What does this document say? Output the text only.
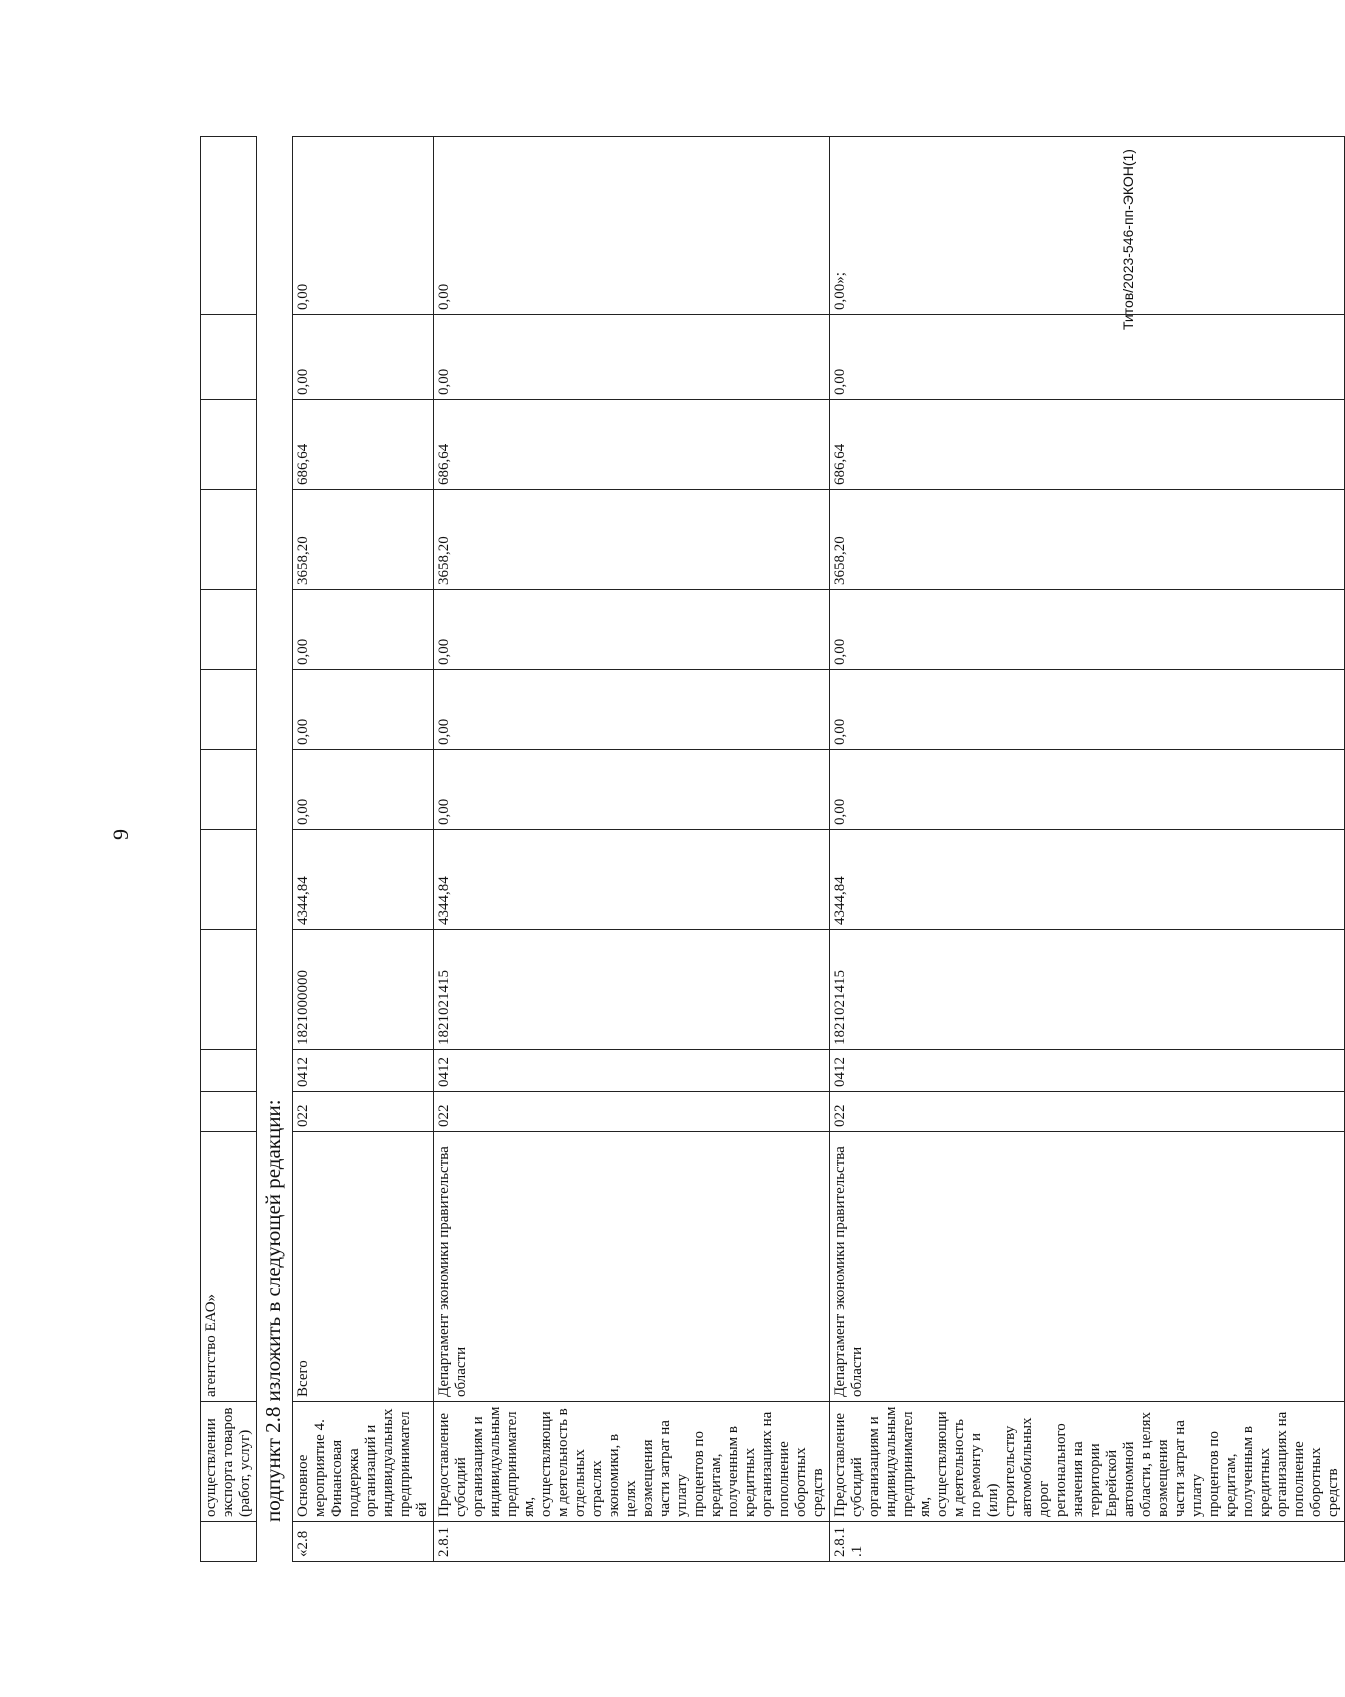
9
Титов/2023-546-пп-ЭКОН(1)
	осуществлении экспорта товаров (работ, услуг)	агентство ЕАО»											подпункт 2.8 изложить в следующей редакции:
«2.8	Основное мероприятие 4. Финансовая поддержка организаций и индивидуальных предпринимателей	Всего	022	0412	1821000000	4344,84	0,00	0,00	0,00	3658,20	686,64	0,00	0,00
2.8.1	Предоставление субсидий организациям и индивидуальным предпринимателям, осуществляющим деятельность в отдельных отраслях экономики, в целях возмещения части затрат на уплату процентов по кредитам, полученным в кредитных организациях на пополнение оборотных средств	Департамент экономики правительства области	022	0412	1821021415	4344,84	0,00	0,00	0,00	3658,20	686,64	0,00	0,00
2.8.1.1	Предоставление субсидий организациям и индивидуальным предпринимателям, осуществляющим деятельность по ремонту и (или) строительству автомобильных дорог регионального значения на территории Еврейской автономной области, в целях возмещения части затрат на уплату процентов по кредитам, полученным в кредитных организациях на пополнение оборотных средств	Департамент экономики правительства области	022	0412	1821021415	4344,84	0,00	0,00	0,00	3658,20	686,64	0,00	0,00»;
